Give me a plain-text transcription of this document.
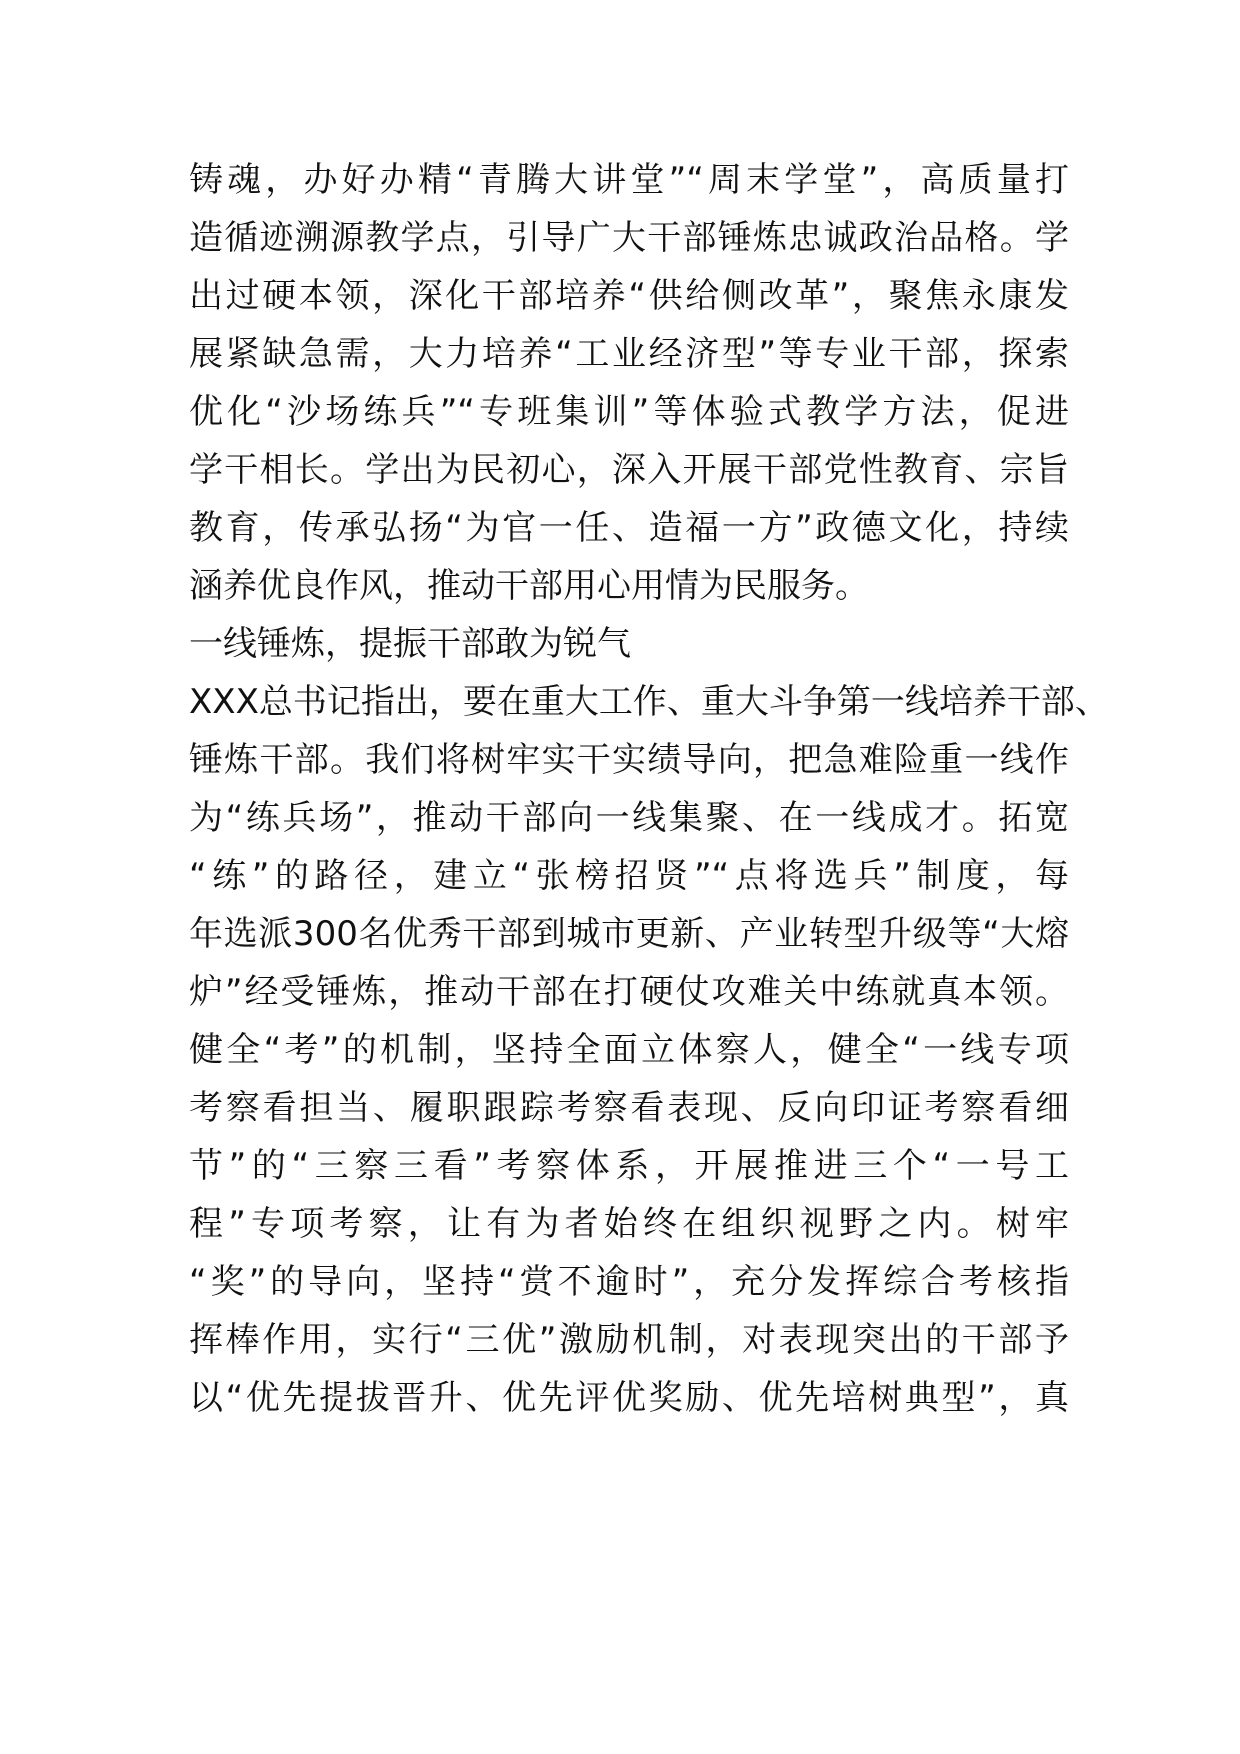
铸魂，办好办精“青腾大讲堂”“周末学堂”，高质量打
造循迹溯源教学点，引导广大干部锤炼忠诚政治品格。学
出过硬本领，深化干部培养“供给侧改革”，聚焦永康发
展紧缺急需，大力培养“工业经济型”等专业干部，探索
优化“沙场练兵”“专班集训”等体验式教学方法，促进
学干相长。学出为民初心，深入开展干部党性教育、宗旨
教育，传承弘扬“为官一任、造福一方”政德文化，持续
涵养优良作风，推动干部用心用情为民服务。
一线锤炼，提振干部敢为锐气
XXX总书记指出，要在重大工作、重大斗争第一线培养干部、
锤炼干部。我们将树牢实干实绩导向，把急难险重一线作
为“练兵场”，推动干部向一线集聚、在一线成才。拓宽
“练”的路径，建立“张榜招贤”“点将选兵”制度，每
年选派300名优秀干部到城市更新、产业转型升级等“大熔
炉”经受锤炼，推动干部在打硬仗攻难关中练就真本领。
健全“考”的机制，坚持全面立体察人，健全“一线专项
考察看担当、履职跟踪考察看表现、反向印证考察看细
节”的“三察三看”考察体系，开展推进三个“一号工
程”专项考察，让有为者始终在组织视野之内。树牢
“奖”的导向，坚持“赏不逾时”，充分发挥综合考核指
挥棒作用，实行“三优”激励机制，对表现突出的干部予
以“优先提拔晋升、优先评优奖励、优先培树典型”，真
